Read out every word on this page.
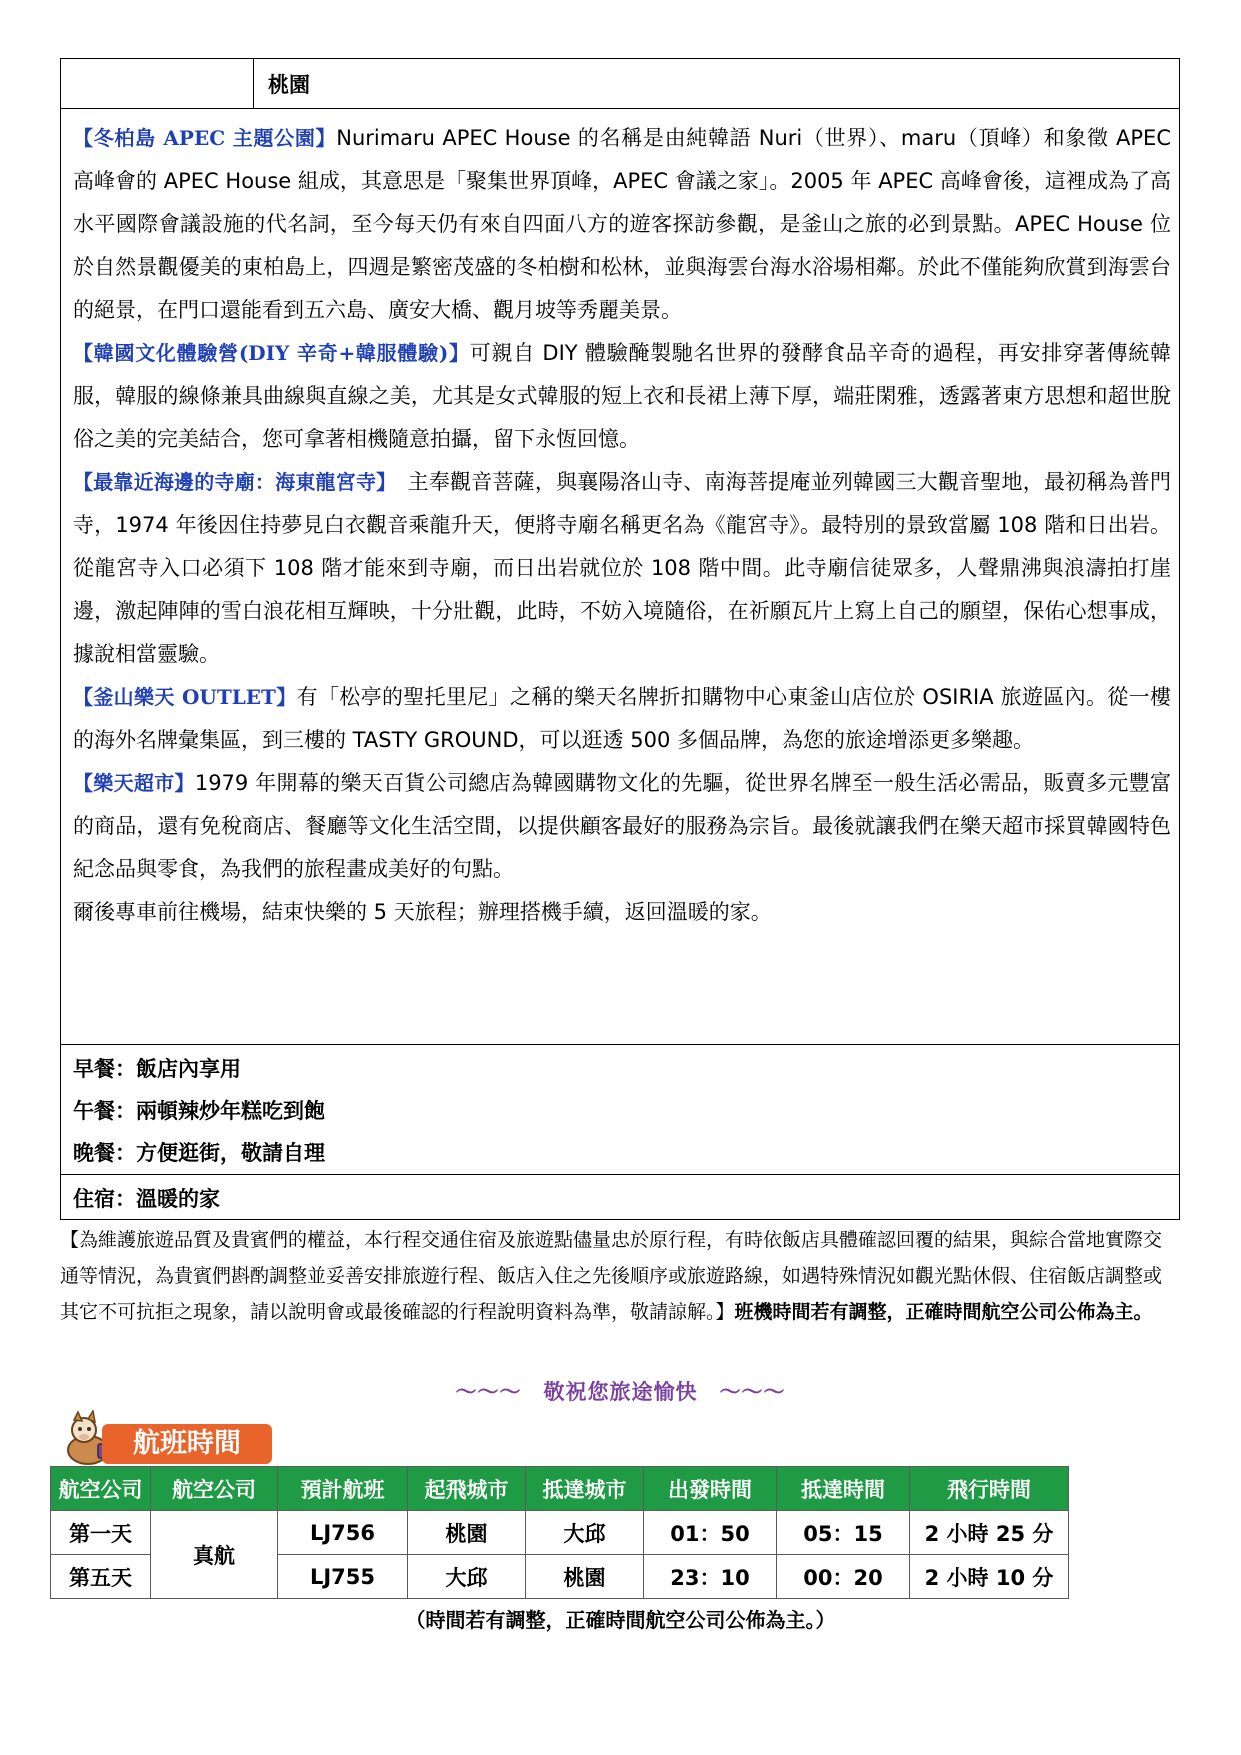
桃園

【冬柏島 APEC 主題公園】Nurimaru APEC House 的名稱是由純韓語 Nuri（世界）、maru（頂峰）和象徵 APEC 高峰會的 APEC House 組成，其意思是「聚集世界頂峰，APEC 會議之家」。2005 年 APEC 高峰會後，這裡成為了高水平國際會議設施的代名詞，至今每天仍有來自四面八方的遊客探訪參觀，是釜山之旅的必到景點。APEC House 位於自然景觀優美的東柏島上，四週是繁密茂盛的冬柏樹和松林，並與海雲台海水浴場相鄰。於此不僅能夠欣賞到海雲台的絕景，在門口還能看到五六島、廣安大橋、觀月坡等秀麗美景。

【韓國文化體驗營(DIY 辛奇+韓服體驗)】可親自 DIY 體驗醃製馳名世界的發酵食品辛奇的過程，再安排穿著傳統韓服，韓服的線條兼具曲線與直線之美，尤其是女式韓服的短上衣和長裙上薄下厚，端莊閑雅，透露著東方思想和超世脫俗之美的完美結合，您可拿著相機隨意拍攝，留下永恆回憶。

【最靠近海邊的寺廟：海東龍宮寺】　主奉觀音菩薩，與襄陽洛山寺、南海菩提庵並列韓國三大觀音聖地，最初稱為普門寺，1974 年後因住持夢見白衣觀音乘龍升天，便將寺廟名稱更名為《龍宮寺》。最特別的景致當屬 108 階和日出岩。從龍宮寺入口必須下 108 階才能來到寺廟，而日出岩就位於 108 階中間。此寺廟信徒眾多，人聲鼎沸與浪濤拍打崖邊，激起陣陣的雪白浪花相互輝映，十分壯觀，此時，不妨入境隨俗，在祈願瓦片上寫上自己的願望，保佑心想事成，據說相當靈驗。

【釜山樂天 OUTLET】有「松亭的聖托里尼」之稱的樂天名牌折扣購物中心東釜山店位於 OSIRIA 旅遊區內。從一樓的海外名牌彙集區，到三樓的 TASTY GROUND，可以逛透 500 多個品牌，為您的旅途增添更多樂趣。

【樂天超市】1979 年開幕的樂天百貨公司總店為韓國購物文化的先驅，從世界名牌至一般生活必需品，販賣多元豐富的商品，還有免稅商店、餐廳等文化生活空間，以提供顧客最好的服務為宗旨。最後就讓我們在樂天超市採買韓國特色紀念品與零食，為我們的旅程畫成美好的句點。

爾後專車前往機場，結束快樂的 5 天旅程；辦理搭機手續，返回溫暖的家。

早餐：飯店內享用
午餐：兩頓辣炒年糕吃到飽
晚餐：方便逛街，敬請自理
住宿：溫暖的家
【為維護旅遊品質及貴賓們的權益，本行程交通住宿及旅遊點儘量忠於原行程，有時依飯店具體確認回覆的結果，與綜合當地實際交通等情況，為貴賓們斟酌調整並妥善安排旅遊行程、飯店入住之先後順序或旅遊路線，如遇特殊情況如觀光點休假、住宿飯店調整或其它不可抗拒之現象，請以說明會或最後確認的行程說明資料為準，敬請諒解。】班機時間若有調整，正確時間航空公司公佈為主。
～～～　敬祝您旅途愉快　～～～
航班時間
航空公司	航空公司	預計航班	起飛城市	抵達城市	出發時間	抵達時間	飛行時間
第一天	真航	LJ756	桃園	大邱	01：50	05：15	2 小時 25 分
第五天		LJ755	大邱	桃園	23：10	00：20	2 小時 10 分
（時間若有調整，正確時間航空公司公佈為主。）
